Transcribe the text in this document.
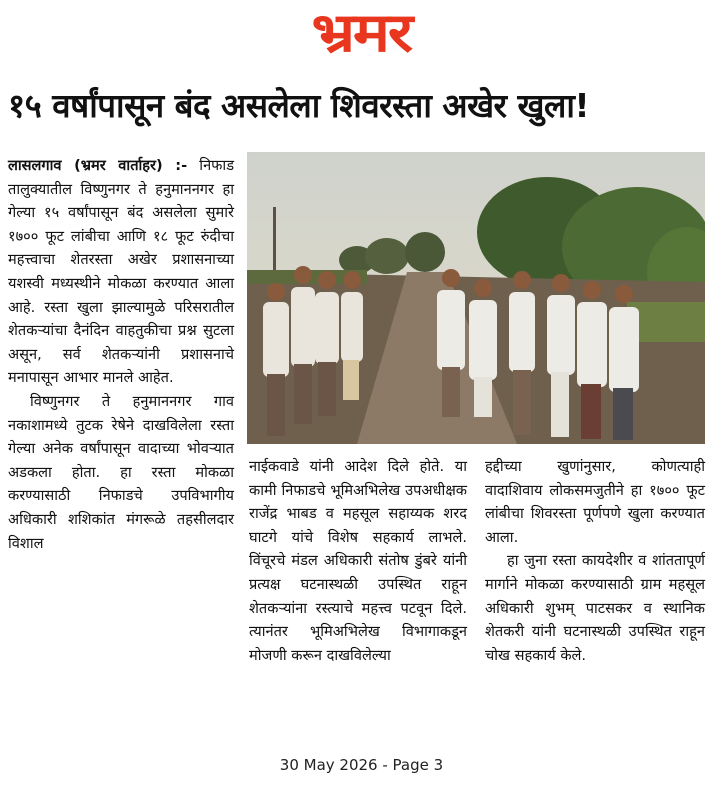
भ्रमर
१५ वर्षांपासून बंद असलेला शिवरस्ता अखेर खुला!

लासलगाव (भ्रमर वार्ताहर) :- निफाड तालुक्यातील विष्णुनगर ते हनुमाननगर हा गेल्या १५ वर्षांपासून बंद असलेला सुमारे १७०० फूट लांबीचा आणि १८ फूट रुंदीचा महत्त्वाचा शेतरस्ता अखेर प्रशासनाच्या यशस्वी मध्यस्थीने मोकळा करण्यात आला आहे. रस्ता खुला झाल्यामुळे परिसरातील शेतकऱ्यांचा दैनंदिन वाहतुकीचा प्रश्न सुटला असून, सर्व शेतकऱ्यांनी प्रशासनाचे मनापासून आभार मानले आहेत.

विष्णुनगर ते हनुमाननगर गाव नकाशामध्ये तुटक रेषेने दाखविलेला रस्ता गेल्या अनेक वर्षांपासून वादाच्या भोवऱ्यात अडकला होता. हा रस्ता मोकळा करण्यासाठी निफाडचे उपविभागीय अधिकारी शशिकांत मंगरूळे तहसीलदार विशाल

नाईकवाडे यांनी आदेश दिले होते. या कामी निफाडचे भूमिअभिलेख उपअधीक्षक राजेंद्र भाबड व महसूल सहाय्यक शरद घाटगे यांचे विशेष सहकार्य लाभले. विंचूरचे मंडल अधिकारी संतोष डुंबरे यांनी प्रत्यक्ष घटनास्थळी उपस्थित राहून शेतकऱ्यांना रस्त्याचे महत्त्व पटवून दिले. त्यानंतर भूमिअभिलेख विभागाकडून मोजणी करून दाखविलेल्या

हद्दीच्या खुणांनुसार, कोणत्याही वादाशिवाय लोकसमजुतीने हा १७०० फूट लांबीचा शिवरस्ता पूर्णपणे खुला करण्यात आला.

हा जुना रस्ता कायदेशीर व शांततापूर्ण मार्गाने मोकळा करण्यासाठी ग्राम महसूल अधिकारी शुभम् पाटसकर व स्थानिक शेतकरी यांनी घटनास्थळी उपस्थित राहून चोख सहकार्य केले.

30 May 2026 - Page 3
